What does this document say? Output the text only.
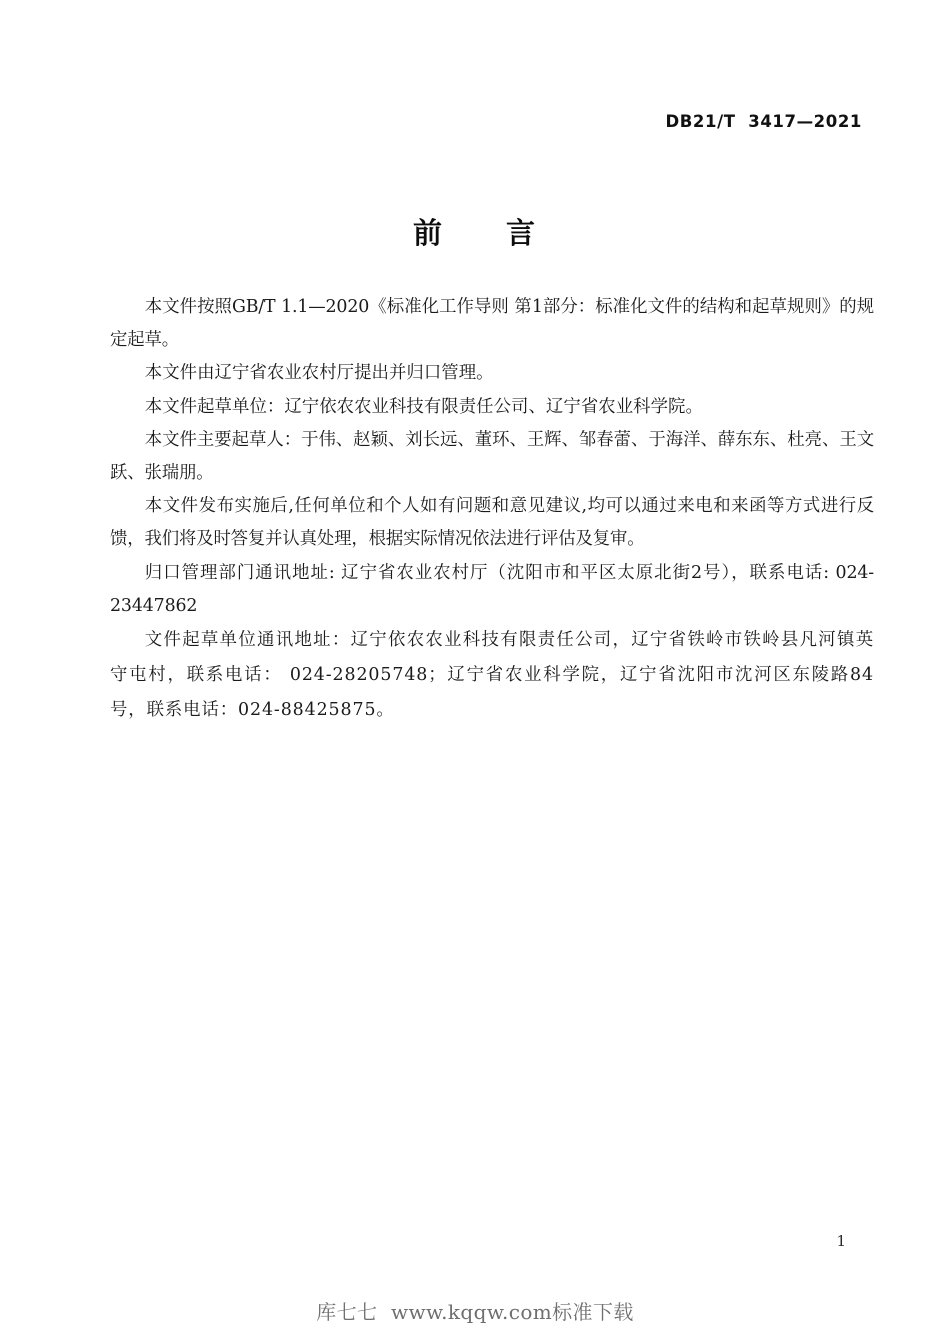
DB21/T  3417—2021
前　　言

本文件按照GB/T 1.1—2020《标准化工作导则 第1部分：标准化文件的结构和起草规则》的规定起草。

本文件由辽宁省农业农村厅提出并归口管理。

本文件起草单位：辽宁依农农业科技有限责任公司、辽宁省农业科学院。

本文件主要起草人：于伟、赵颖、刘长远、董环、王辉、邹春蕾、于海洋、薛东东、杜亮、王文跃、张瑞朋。

本文件发布实施后,任何单位和个人如有问题和意见建议,均可以通过来电和来函等方式进行反馈，我们将及时答复并认真处理，根据实际情况依法进行评估及复审。

归口管理部门通讯地址: 辽宁省农业农村厅（沈阳市和平区太原北街2号），联系电话: 024-23447862

文件起草单位通讯地址：辽宁依农农业科技有限责任公司，辽宁省铁岭市铁岭县凡河镇英守屯村，联系电话： 024-28205748；辽宁省农业科学院，辽宁省沈阳市沈河区东陵路84号，联系电话：024-88425875。

1
库七七  www.kqqw.com标准下载
